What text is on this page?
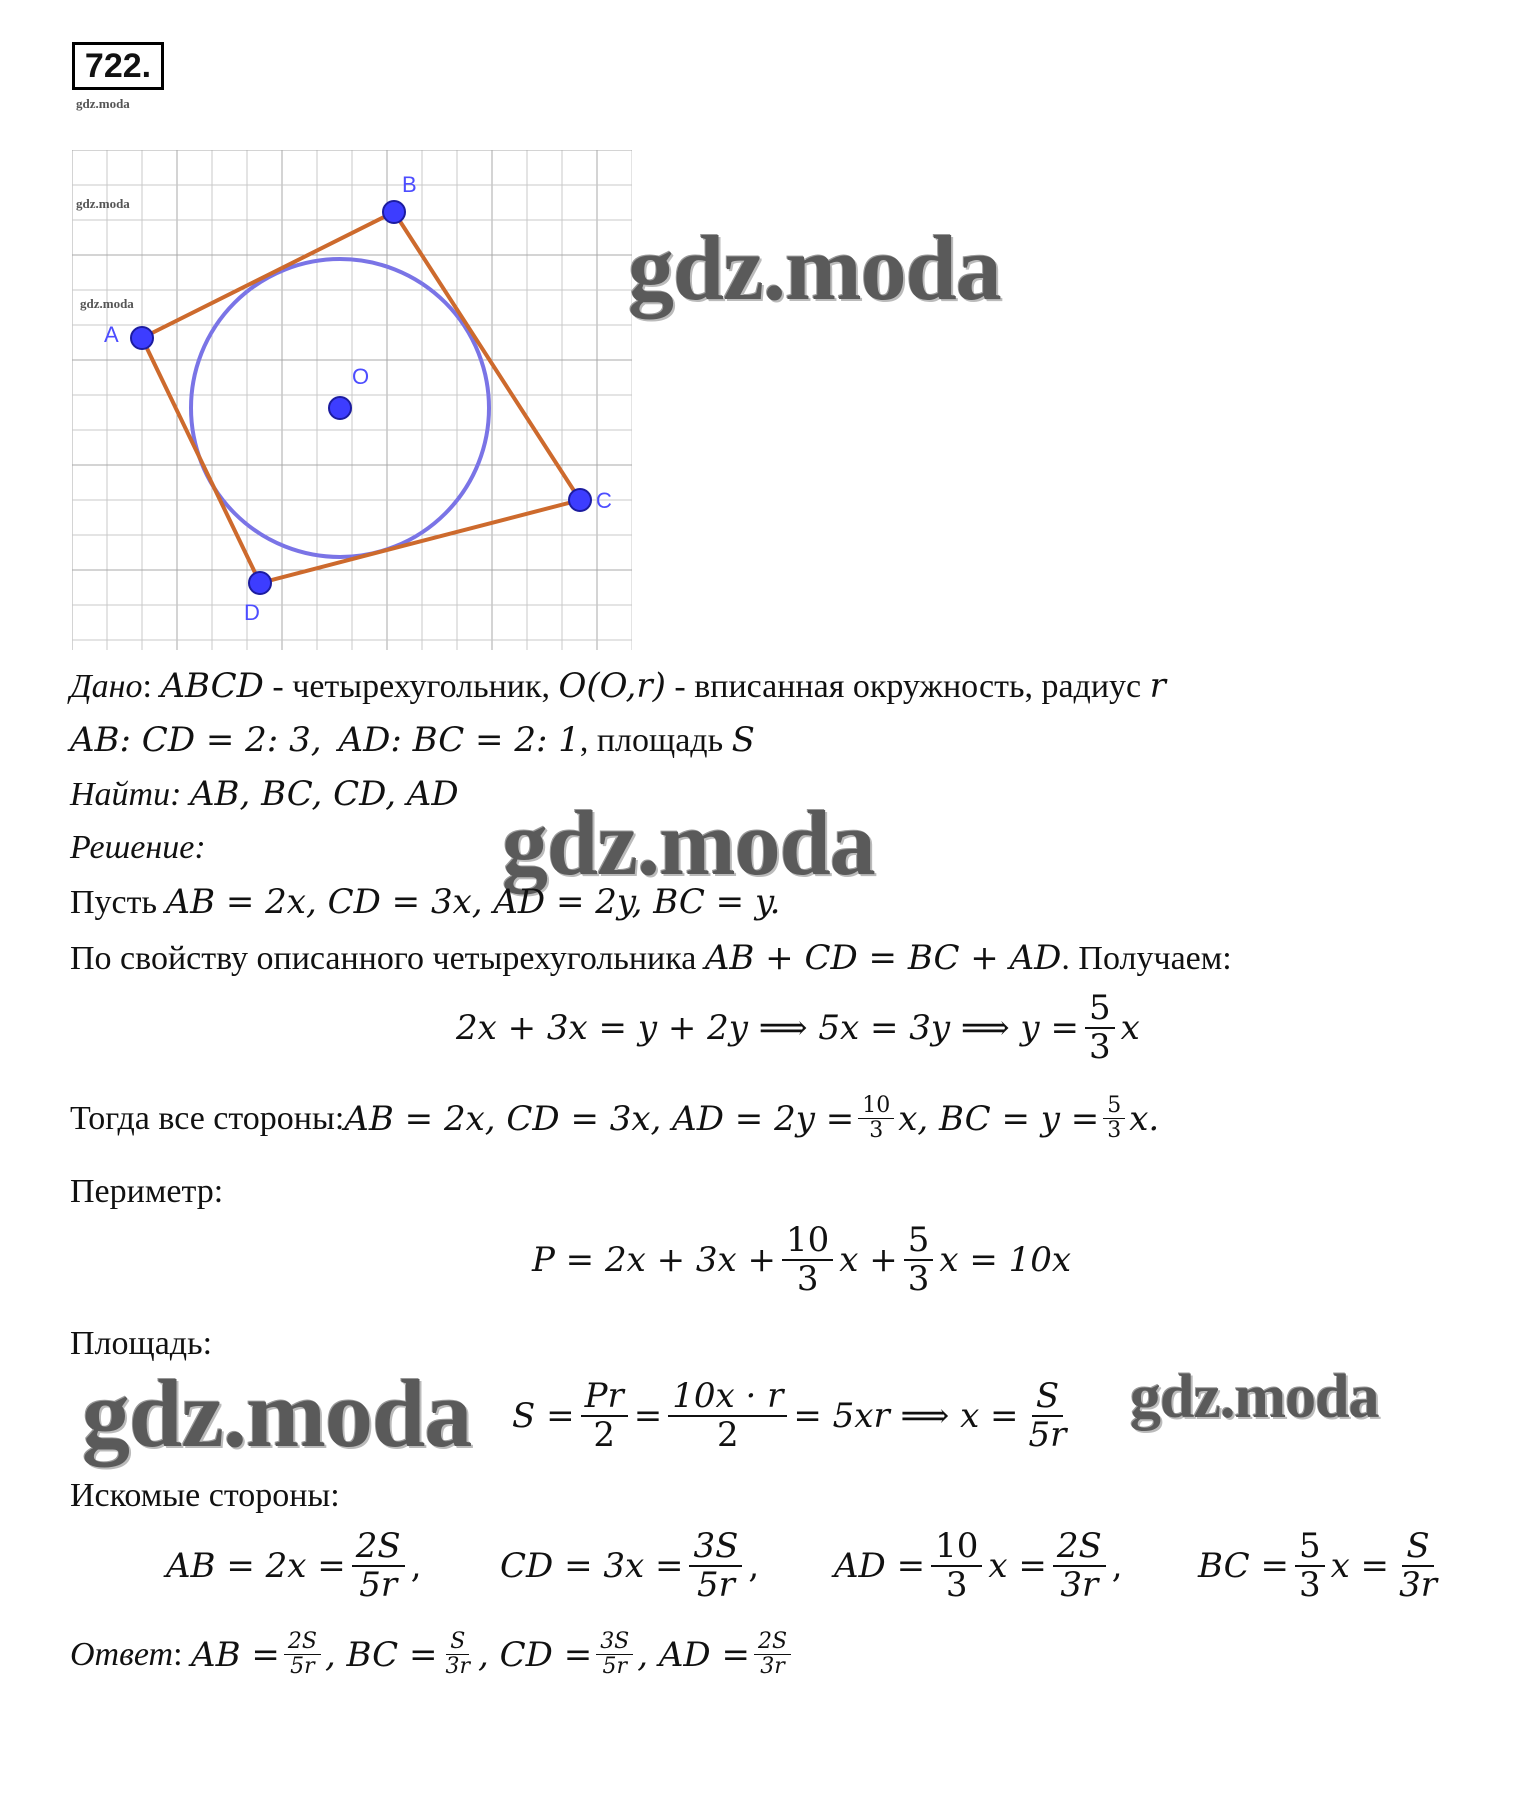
722.
gdz.moda
A
B
C
D
O
gdz.moda
gdz.moda	gdz.moda
gdz.moda
Дано: ABCD - четырехугольник, O(O,r) - вписанная окружность, радиус r
AB: CD = 2: 3, AD: BC = 2: 1, площадь S
Найти: AB, BC, CD, AD
Решение:
Пусть AB = 2x, CD = 3x, AD = 2y, BC = y.
По свойству описанного четырехугольника AB + CD = BC + AD. Получаем:
2x + 3x = y + 2y ⟹ 5x = 3y ⟹ $y = \frac{5}{3}$ x
Тогда все стороны: AB = 2x, CD = 3x, AD = $2y = \frac{10}{3} x$, BC = $y = \frac{5}{3} x$.
Периметр:
$P = 2x + 3x + \frac{10}{3}$ $x + \frac{5}{3}$ x = 10x
Площадь:
gdz.moda $S = \frac{Pr}{2} = \frac{10x \cdot r}{2} = 5xr$ ⟹ $x = \frac{S}{5r}$ gdz.moda
Искомые стороны:
AB = $2x = \frac{2S}{5r}$ , CD = $3x = \frac{3S}{5r}$ , AD = $\frac{10}{3}$ $x = \frac{2S}{3r}$ , BC = $\frac{5}{3}$ $x = \frac{S}{3r}$
Ответ : AB = $\frac{2S}{5r}$ , BC = $\frac{S}{3r}$ , CD = $\frac{3S}{5r}$ , AD = $\frac{2S}{3r}$
